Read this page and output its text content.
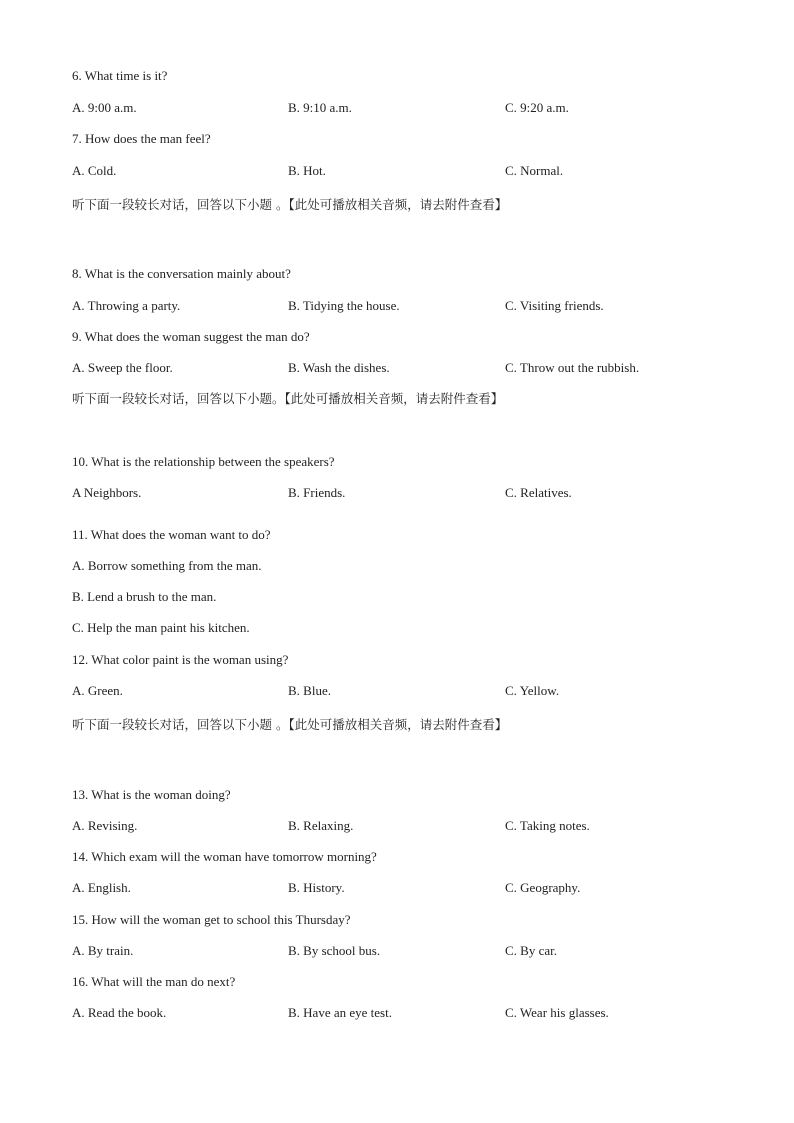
6. What time is it?
A. 9:00 a.m.	B. 9:10 a.m.	C. 9:20 a.m.
7. How does the man feel?
A. Cold.	B. Hot.	C. Normal.
听下面一段较长对话，回答以下小题 。【此处可播放相关音频，请去附件查看】
8. What is the conversation mainly about?
A. Throwing a party.	B. Tidying the house.	C. Visiting friends.
9. What does the woman suggest the man do?
A. Sweep the floor.	B. Wash the dishes.	C. Throw out the rubbish.
听下面一段较长对话，回答以下小题。【此处可播放相关音频，请去附件查看】
10. What is the relationship between the speakers?
A Neighbors.	B. Friends.	C. Relatives.
11. What does the woman want to do?
A. Borrow something from the man.
B. Lend a brush to the man.
C. Help the man paint his kitchen.
12. What color paint is the woman using?
A. Green.	B. Blue.	C. Yellow.
听下面一段较长对话，回答以下小题 。【此处可播放相关音频，请去附件查看】
13. What is the woman doing?
A. Revising.	B. Relaxing.	C. Taking notes.
14. Which exam will the woman have tomorrow morning?
A. English.	B. History.	C. Geography.
15. How will the woman get to school this Thursday?
A. By train.	B. By school bus.	C. By car.
16. What will the man do next?
A. Read the book.	B. Have an eye test.	C. Wear his glasses.
